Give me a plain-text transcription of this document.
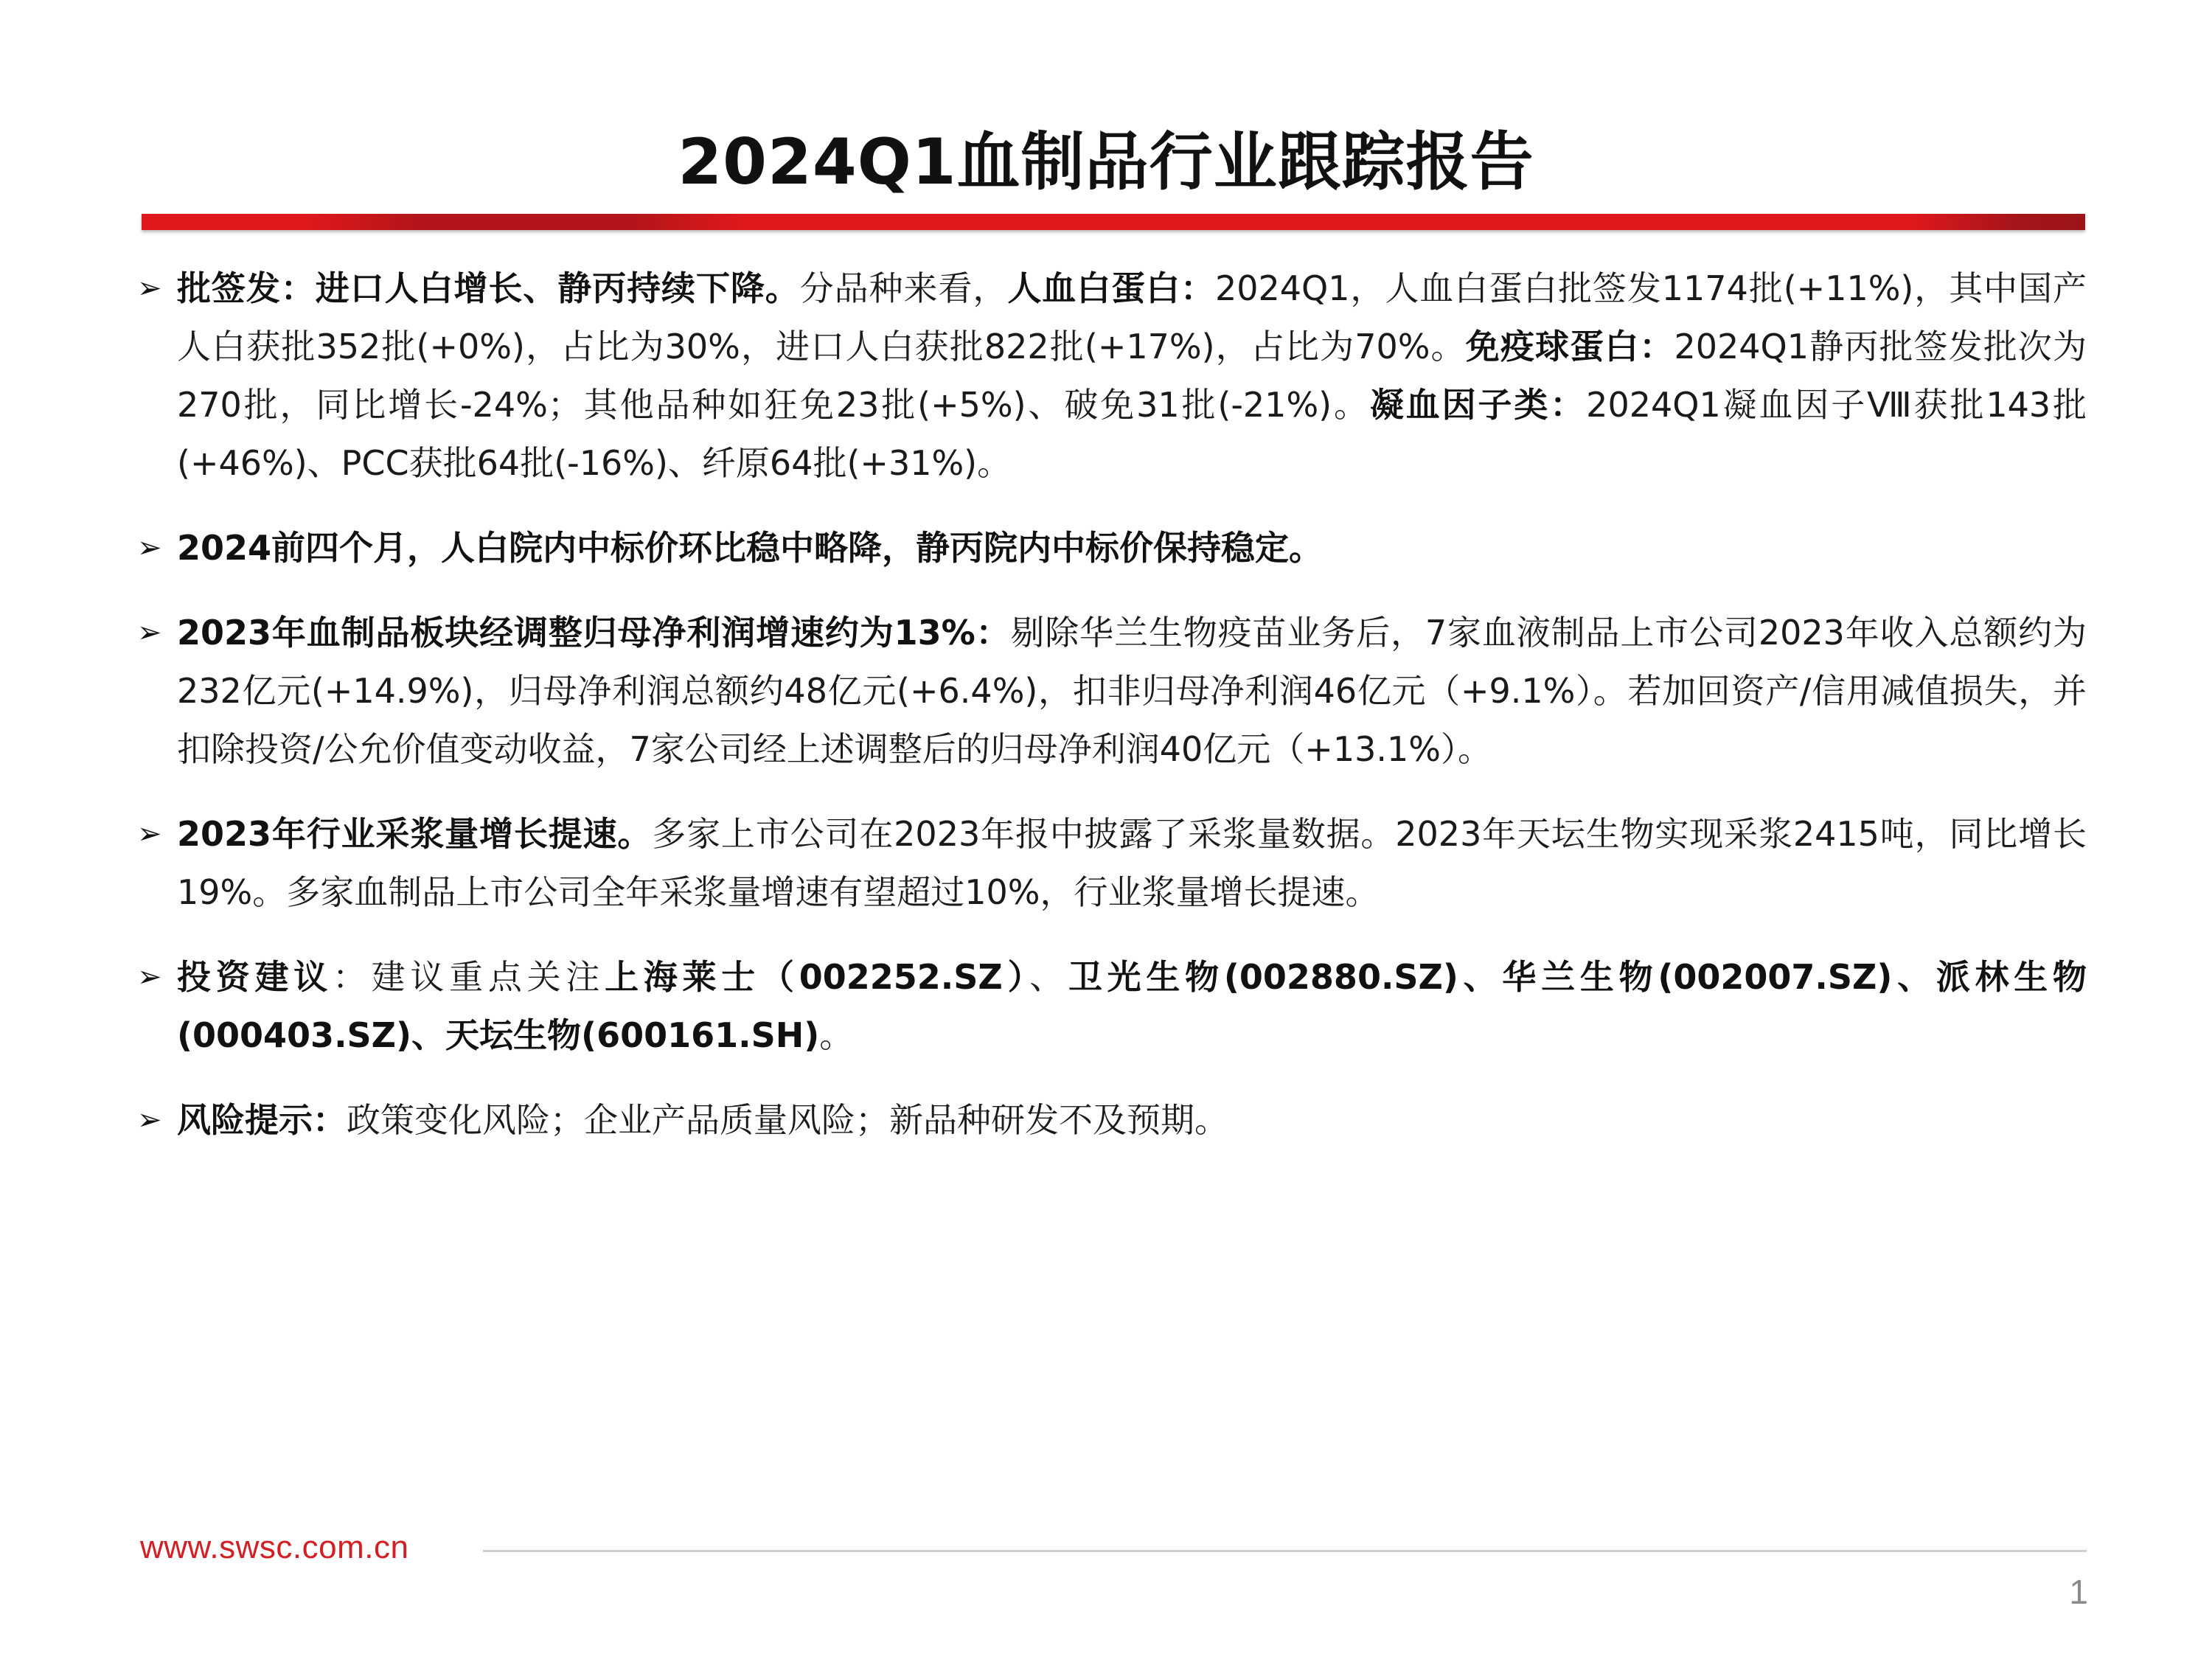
2024Q1血制品行业跟踪报告
➢ 批签发：进口人白增长、静丙持续下降。分品种来看，人血白蛋白：2024Q1，人血白蛋白批签发1174批(+11%)，其中国产人白获批352批(+0%)，占比为30%，进口人白获批822批(+17%)，占比为70%。免疫球蛋白：2024Q1静丙批签发批次为270批，同比增长-24%；其他品种如狂免23批(+5%)、破免31批(-21%)。凝血因子类：2024Q1凝血因子Ⅷ获批143批(+46%)、PCC获批64批(-16%)、纤原64批(+31%)。
➢ 2024前四个月，人白院内中标价环比稳中略降，静丙院内中标价保持稳定。
➢ 2023年血制品板块经调整归母净利润增速约为13%：剔除华兰生物疫苗业务后，7家血液制品上市公司2023年收入总额约为232亿元(+14.9%)，归母净利润总额约48亿元(+6.4%)，扣非归母净利润46亿元（+9.1%）。若加回资产/信用减值损失，并扣除投资/公允价值变动收益，7家公司经上述调整后的归母净利润40亿元（+13.1%）。
➢ 2023年行业采浆量增长提速。多家上市公司在2023年报中披露了采浆量数据。2023年天坛生物实现采浆2415吨，同比增长19%。多家血制品上市公司全年采浆量增速有望超过10%，行业浆量增长提速。
➢ 投资建议：建议重点关注上海莱士（002252.SZ）、卫光生物(002880.SZ)、华兰生物(002007.SZ)、派林生物(000403.SZ)、天坛生物(600161.SH)。
➢ 风险提示：政策变化风险；企业产品质量风险；新品种研发不及预期。
www.swsc.com.cn
1
